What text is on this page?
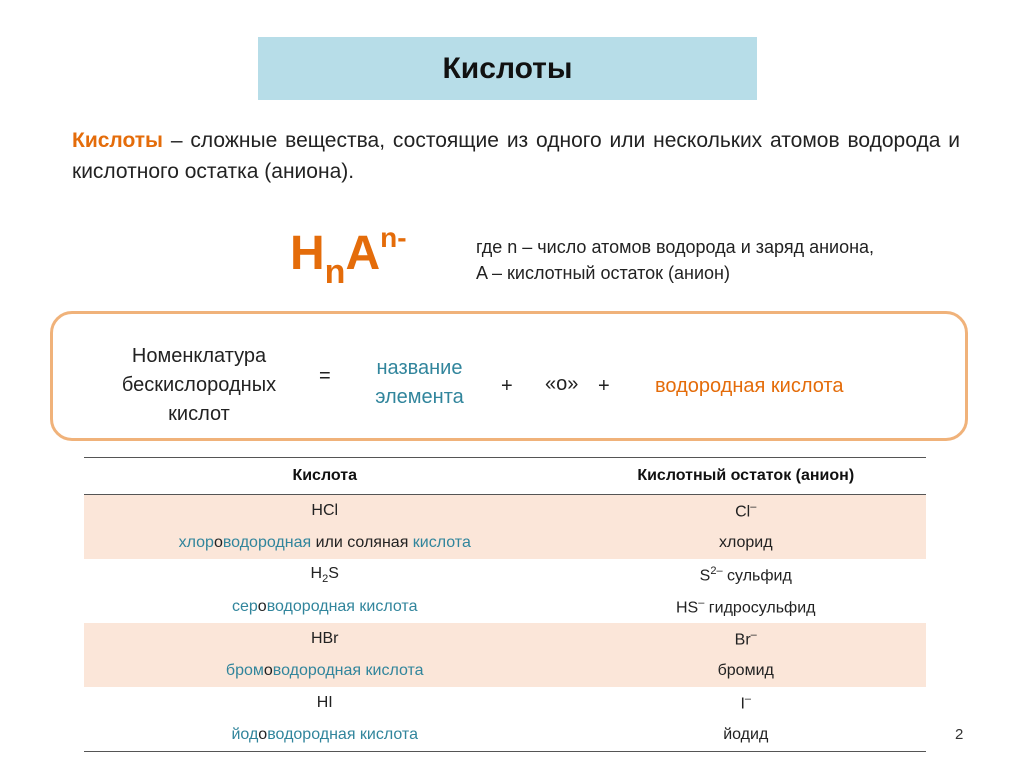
Кислоты
Кислоты – сложные вещества, состоящие из одного или нескольких атомов водорода и кислотного остатка (аниона).
$H_nA^{n-}$	где n – число атомов водорода и заряд аниона,
A – кислотный остаток (анион)
Номенклатура
бескислородных
кислот
=	название
элемента	+ «о» + водородная кислота
Кислота	Кислотный остаток (анион)
HCl	Cl–
хлороводородная или соляная кислота	хлорид
$H_2S$	$S^{2-}$ сульфид
сероводородная кислота	HS– гидросульфид
HBr	Br–
бромоводородная кислота	бромид
HI	I–
йодоводородная кислота	йодид	2
